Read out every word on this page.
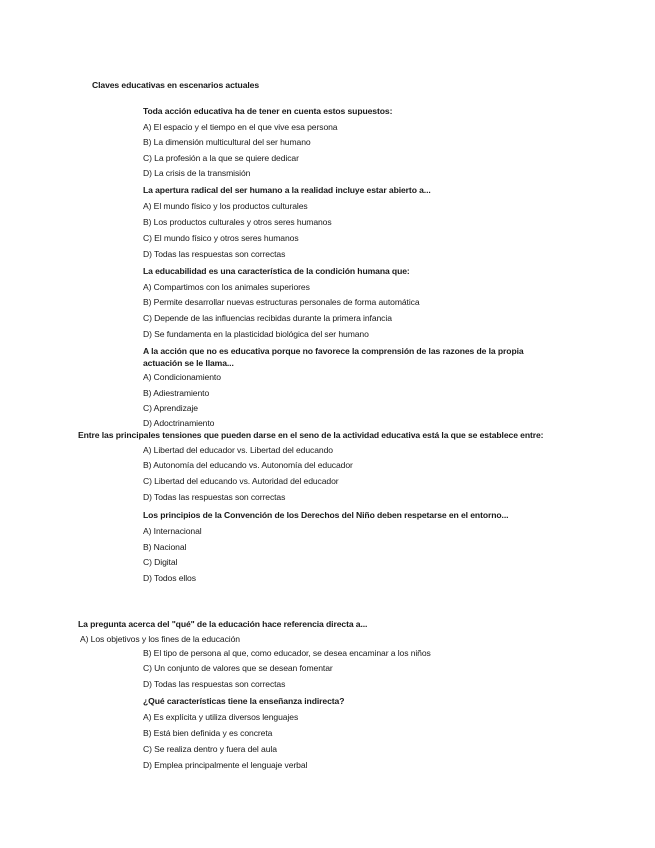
Claves educativas en escenarios actuales
Toda acción educativa ha de tener en cuenta estos supuestos:
A) El espacio y el tiempo en el que vive esa persona
B) La dimensión multicultural del ser humano
C) La profesión a la que se quiere dedicar
D) La crisis de la transmisión
La apertura radical del ser humano a la realidad incluye estar abierto a...
A) El mundo físico y los productos culturales
B) Los productos culturales y otros seres humanos
C) El mundo físico y otros seres humanos
D) Todas las respuestas son correctas
La educabilidad es una característica de la condición humana que:
A) Compartimos con los animales superiores
B) Permite desarrollar nuevas estructuras personales de forma automática
C) Depende de las influencias recibidas durante la primera infancia
D) Se fundamenta en la plasticidad biológica del ser humano
A la acción que no es educativa porque no favorece la comprensión de las razones de la propia
actuación se le llama...
A) Condicionamiento
B) Adiestramiento
C) Aprendizaje
D) Adoctrinamiento
Entre las principales tensiones que pueden darse en el seno de la actividad educativa está la que se establece entre:
A) Libertad del educador vs. Libertad del educando
B) Autonomía del educando vs. Autonomía del educador
C) Libertad del educando vs. Autoridad del educador
D) Todas las respuestas son correctas
Los principios de la Convención de los Derechos del Niño deben respetarse en el entorno...
A) Internacional
B) Nacional
C) Digital
D) Todos ellos
La pregunta acerca del "qué" de la educación hace referencia directa a...
A) Los objetivos y los fines de la educación
B) El tipo de persona al que, como educador, se desea encaminar a los niños
C) Un conjunto de valores que se desean fomentar
D) Todas las respuestas son correctas
¿Qué características tiene la enseñanza indirecta?
A) Es explícita y utiliza diversos lenguajes
B) Está bien definida y es concreta
C) Se realiza dentro y fuera del aula
D) Emplea principalmente el lenguaje verbal
